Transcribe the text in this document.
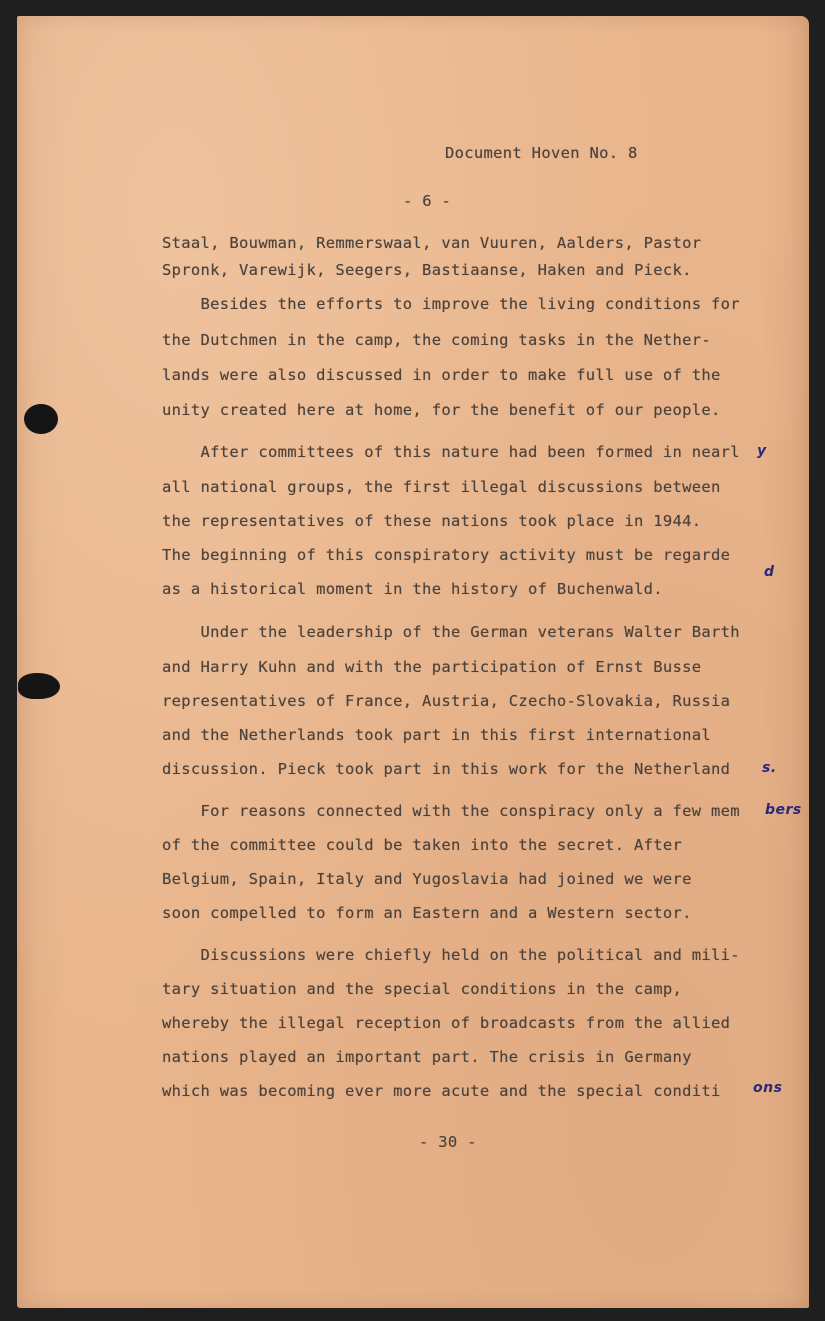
Document Hoven No. 8
- 6 -
Staal, Bouwman, Remmerswaal, van Vuuren, Aalders, Pastor
Spronk, Varewijk, Seegers, Bastiaanse, Haken and Pieck.
Besides the efforts to improve the living conditions for
the Dutchmen in the camp, the coming tasks in the Nether-
lands were also discussed in order to make full use of the
unity created here at home, for the benefit of our people.
After committees of this nature had been formed in nearl
all national groups, the first illegal discussions between
the representatives of these nations took place in 1944.
The beginning of this conspiratory activity must be regarde
as a historical moment in the history of Buchenwald.
Under the leadership of the German veterans Walter Barth
and Harry Kuhn and with the participation of Ernst Busse
representatives of France, Austria, Czecho-Slovakia, Russia
and the Netherlands took part in this first international
discussion. Pieck took part in this work for the Netherland
For reasons connected with the conspiracy only a few mem
of the committee could be taken into the secret. After
Belgium, Spain, Italy and Yugoslavia had joined we were
soon compelled to form an Eastern and a Western sector.
Discussions were chiefly held on the political and mili-
tary situation and the special conditions in the camp,
whereby the illegal reception of broadcasts from the allied
nations played an important part. The crisis in Germany
which was becoming ever more acute and the special conditi
y
d
s.
bers
ons
- 30 -
